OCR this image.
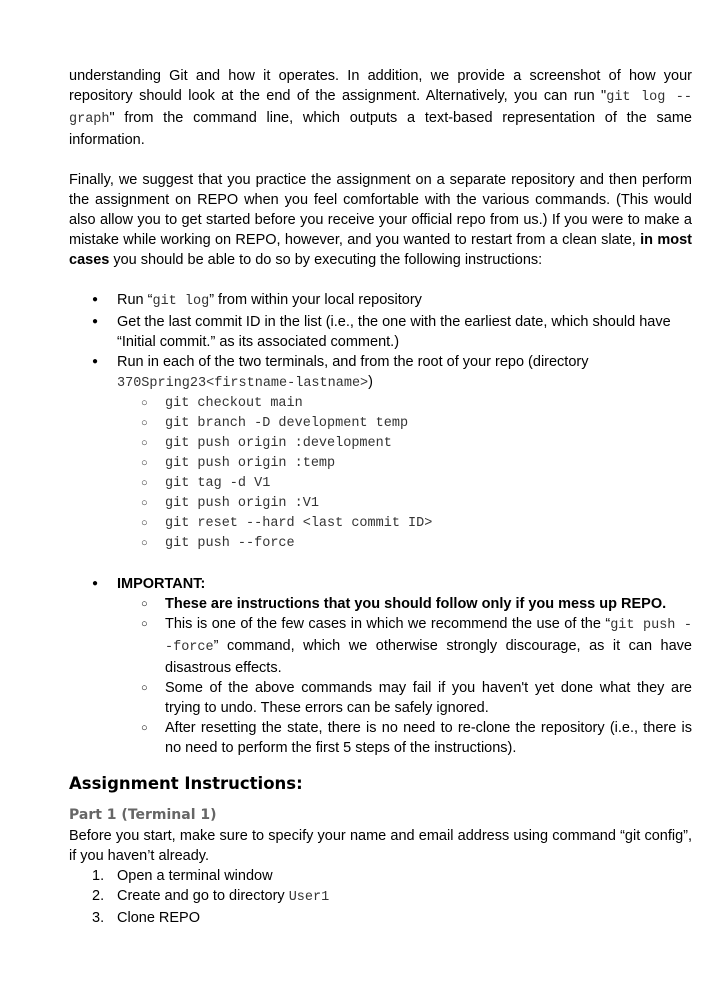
understanding Git and how it operates. In addition, we provide a screenshot of how your repository should look at the end of the assignment. Alternatively, you can run "git log --graph" from the command line, which outputs a text-based representation of the same information.

Finally, we suggest that you practice the assignment on a separate repository and then perform the assignment on REPO when you feel comfortable with the various commands. (This would also allow you to get started before you receive your official repo from us.) If you were to make a mistake while working on REPO, however, and you wanted to restart from a clean slate, in most cases you should be able to do so by executing the following instructions:

● Run “git log” from within your local repository
● Get the last commit ID in the list (i.e., the one with the earliest date, which should have “Initial commit.” as its associated comment.)
● Run in each of the two terminals, and from the root of your repo (directory
370Spring23<firstname-lastname>)
○ git checkout main
○ git branch -D development temp
○ git push origin :development
○ git push origin :temp
○ git tag -d V1
○ git push origin :V1
○ git reset --hard <last commit ID>
○ git push --force
● IMPORTANT:
○ These are instructions that you should follow only if you mess up REPO.
○ This is one of the few cases in which we recommend the use of the “git push --force” command, which we otherwise strongly discourage, as it can have disastrous effects.
○ Some of the above commands may fail if you haven't yet done what they are trying to undo. These errors can be safely ignored.
○ After resetting the state, there is no need to re-clone the repository (i.e., there is no need to perform the first 5 steps of the instructions).
Assignment Instructions:
Part 1 (Terminal 1)

Before you start, make sure to specify your name and email address using command “git config”, if you haven’t already.

1. Open a terminal window
2. Create and go to directory User1
3. Clone REPO
